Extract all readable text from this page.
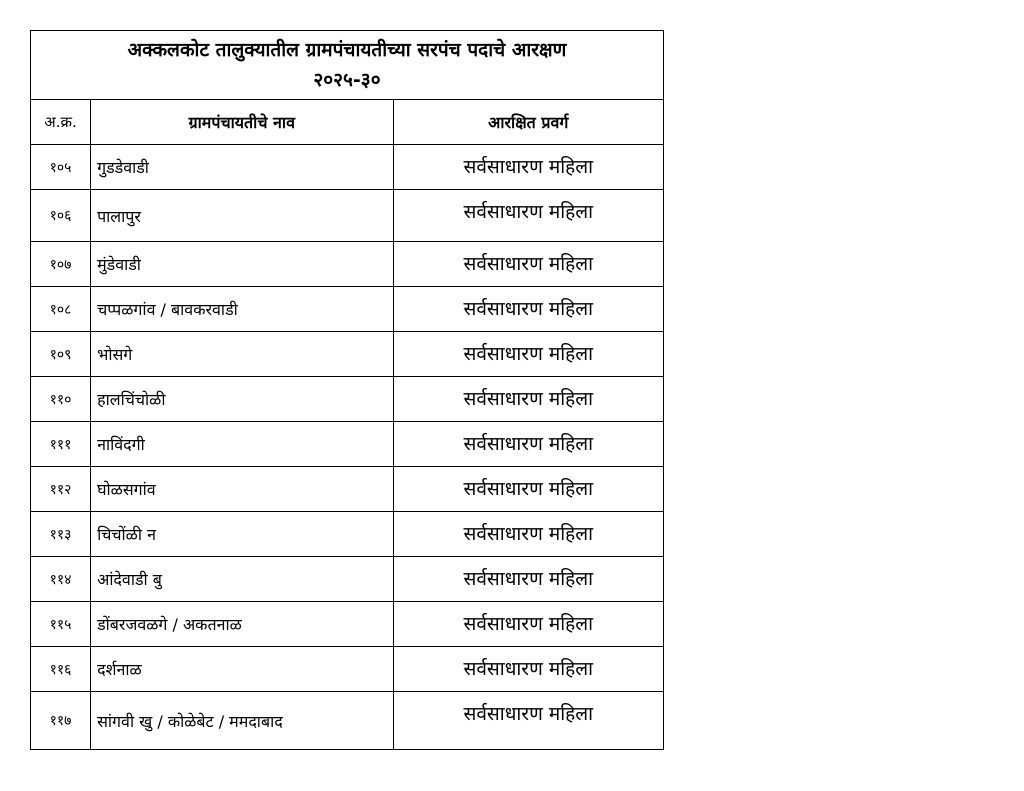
अक्कलकोट तालुक्यातील ग्रामपंचायतीच्या सरपंच पदाचे आरक्षण
२०२५-३०		

अ.क्र.	ग्रामपंचायतीचे नाव	आरक्षित प्रवर्ग
१०५	गुडडेवाडी	सर्वसाधारण महिला
१०६	पालापुर	सर्वसाधारण महिला
१०७	मुंडेवाडी	सर्वसाधारण महिला
१०८	चप्पळगांव / बावकरवाडी	सर्वसाधारण महिला
१०९	भोसगे	सर्वसाधारण महिला
११०	हालचिंचोळी	सर्वसाधारण महिला
१११	नाविंदगी	सर्वसाधारण महिला
११२	घोळसगांव	सर्वसाधारण महिला
११३	चिचोंळी न	सर्वसाधारण महिला
११४	आंदेवाडी बु	सर्वसाधारण महिला
११५	डोंबरजवळगे / अकतनाळ	सर्वसाधारण महिला
११६	दर्शनाळ	सर्वसाधारण महिला
११७	सांगवी खु / कोळेबेट / ममदाबाद	सर्वसाधारण महिला
